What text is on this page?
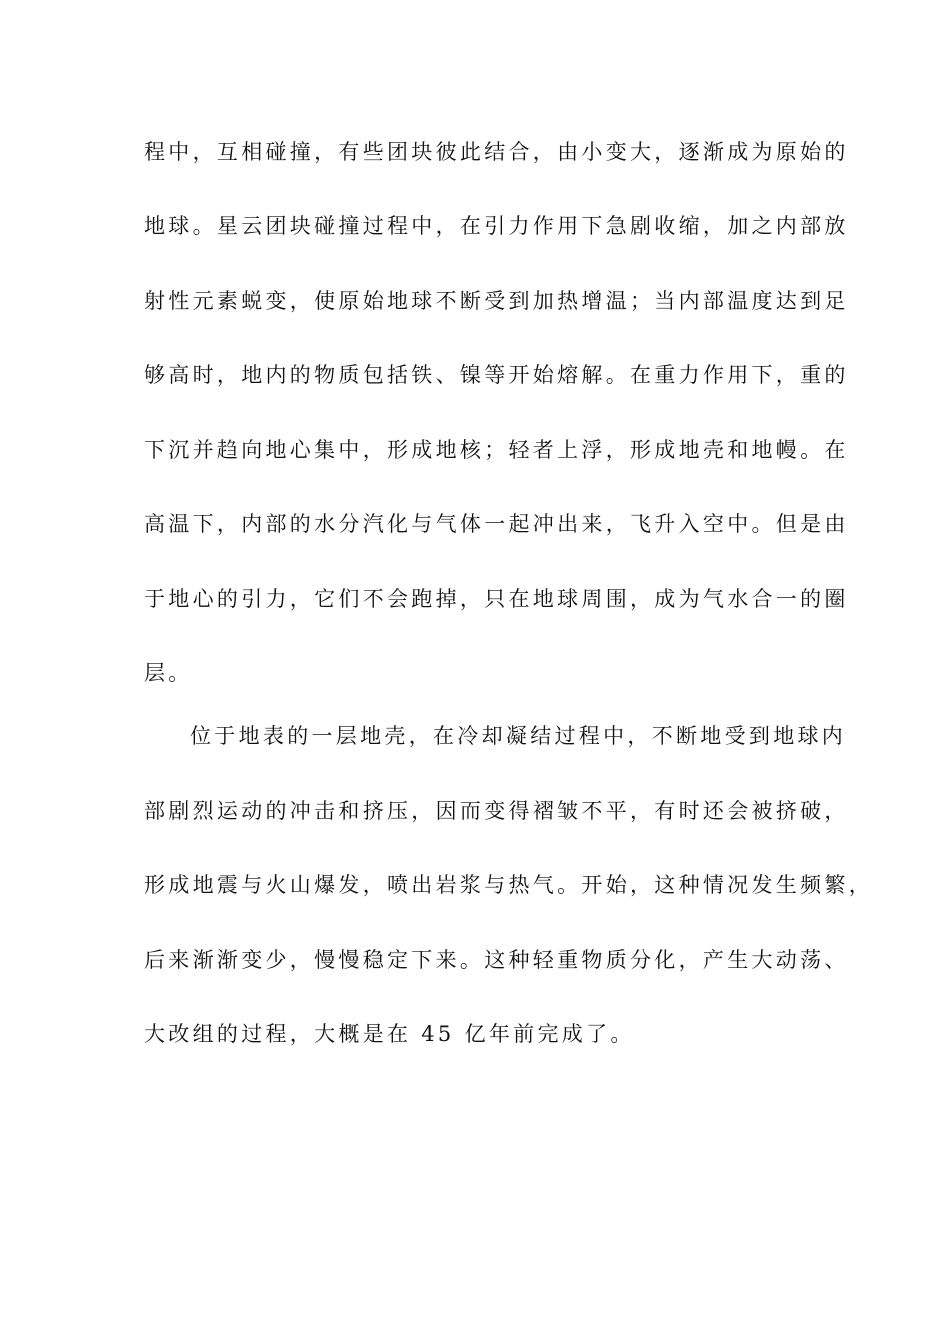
程中，互相碰撞，有些团块彼此结合，由小变大，逐渐成为原始的
地球。星云团块碰撞过程中，在引力作用下急剧收缩，加之内部放
射性元素蜕变，使原始地球不断受到加热增温；当内部温度达到足
够高时，地内的物质包括铁、镍等开始熔解。在重力作用下，重的
下沉并趋向地心集中，形成地核；轻者上浮，形成地壳和地幔。在
高温下，内部的水分汽化与气体一起冲出来，飞升入空中。但是由
于地心的引力，它们不会跑掉，只在地球周围，成为气水合一的圈
层。
位于地表的一层地壳，在冷却凝结过程中，不断地受到地球内
部剧烈运动的冲击和挤压，因而变得褶皱不平，有时还会被挤破，
形成地震与火山爆发，喷出岩浆与热气。开始，这种情况发生频繁，
后来渐渐变少，慢慢稳定下来。这种轻重物质分化，产生大动荡、
大改组的过程，大概是在 45 亿年前完成了。
